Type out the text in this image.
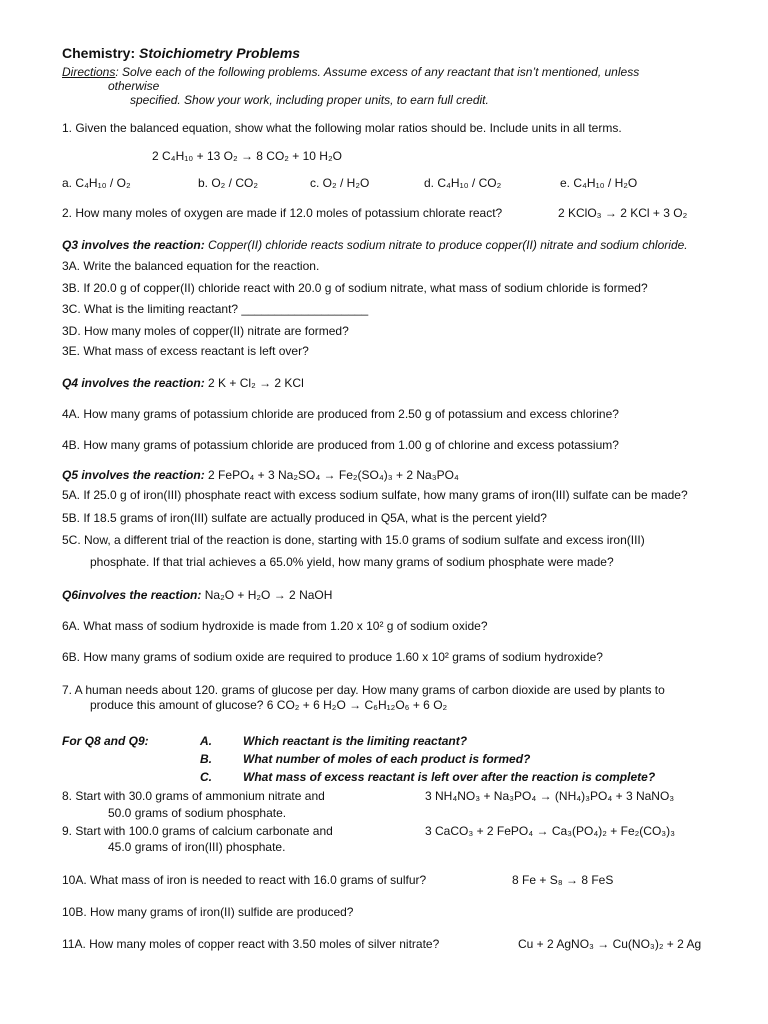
Chemistry: Stoichiometry Problems
Directions: Solve each of the following problems. Assume excess of any reactant that isn’t mentioned, unless
otherwise
specified. Show your work, including proper units, to earn full credit.
1. Given the balanced equation, show what the following molar ratios should be. Include units in all terms.
2 C₄H₁₀ + 13 O₂ → 8 CO₂ + 10 H₂O
a. C₄H₁₀ / O₂	b. O₂ / CO₂	c. O₂ / H₂O	d. C₄H₁₀ / CO₂	e. C₄H₁₀ / H₂O
2. How many moles of oxygen are made if 12.0 moles of potassium chlorate react?	2 KClO₃ → 2 KCl + 3 O₂
Q3 involves the reaction: Copper(II) chloride reacts sodium nitrate to produce copper(II) nitrate and sodium chloride.
3A. Write the balanced equation for the reaction.
3B. If 20.0 g of copper(II) chloride react with 20.0 g of sodium nitrate, what mass of sodium chloride is formed?
3C. What is the limiting reactant? ___________________
3D. How many moles of copper(II) nitrate are formed?
3E. What mass of excess reactant is left over?
Q4 involves the reaction: 2 K + Cl₂ → 2 KCl
4A. How many grams of potassium chloride are produced from 2.50 g of potassium and excess chlorine?
4B. How many grams of potassium chloride are produced from 1.00 g of chlorine and excess potassium?
Q5 involves the reaction: 2 FePO₄ + 3 Na₂SO₄ → Fe₂(SO₄)₃ + 2 Na₃PO₄
5A. If 25.0 g of iron(III) phosphate react with excess sodium sulfate, how many grams of iron(III) sulfate can be made?
5B. If 18.5 grams of iron(III) sulfate are actually produced in Q5A, what is the percent yield?
5C. Now, a different trial of the reaction is done, starting with 15.0 grams of sodium sulfate and excess iron(III)
phosphate. If that trial achieves a 65.0% yield, how many grams of sodium phosphate were made?
Q6involves the reaction: Na₂O + H₂O → 2 NaOH
6A. What mass of sodium hydroxide is made from 1.20 x 10² g of sodium oxide?
6B. How many grams of sodium oxide are required to produce 1.60 x 10² grams of sodium hydroxide?
7. A human needs about 120. grams of glucose per day. How many grams of carbon dioxide are used by plants to
produce this amount of glucose? 6 CO₂ + 6 H₂O → C₆H₁₂O₆ + 6 O₂
For Q8 and Q9:	A.	Which reactant is the limiting reactant?
B.	What number of moles of each product is formed?
C.	What mass of excess reactant is left over after the reaction is complete?
8. Start with 30.0 grams of ammonium nitrate and	3 NH₄NO₃ + Na₃PO₄ → (NH₄)₃PO₄ + 3 NaNO₃
50.0 grams of sodium phosphate.
9. Start with 100.0 grams of calcium carbonate and	3 CaCO₃ + 2 FePO₄ → Ca₃(PO₄)₂ + Fe₂(CO₃)₃
45.0 grams of iron(III) phosphate.
10A. What mass of iron is needed to react with 16.0 grams of sulfur?	8 Fe + S₈ → 8 FeS
10B. How many grams of iron(II) sulfide are produced?
11A. How many moles of copper react with 3.50 moles of silver nitrate?	Cu + 2 AgNO₃ → Cu(NO₃)₂ + 2 Ag
